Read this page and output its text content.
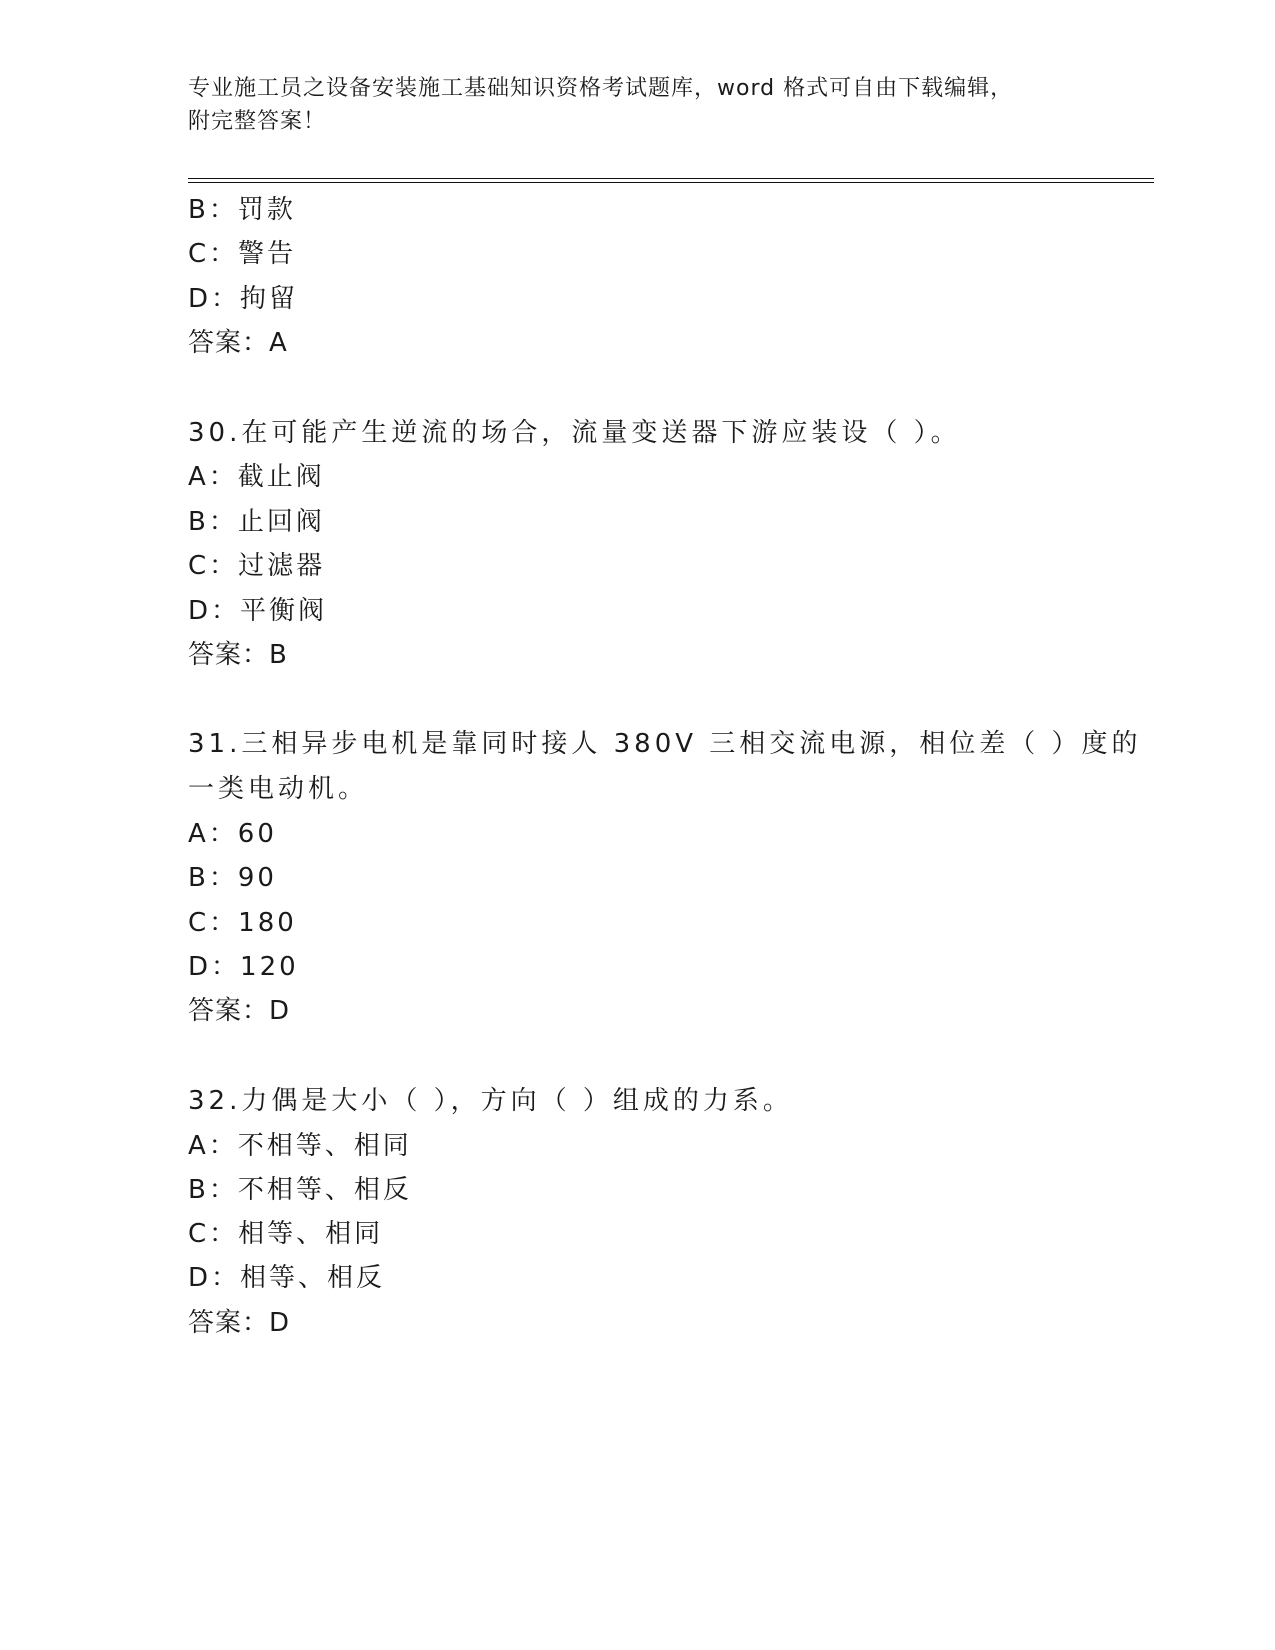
专业施工员之设备安装施工基础知识资格考试题库，word 格式可自由下载编辑，
附完整答案！
B：罚款
C：警告
D：拘留
答案：A
30.在可能产生逆流的场合，流量变送器下游应装设（ ）。
A：截止阀
B：止回阀
C：过滤器
D：平衡阀
答案：B
31.三相异步电机是靠同时接人 380V 三相交流电源，相位差（ ）度的
一类电动机。
A：60
B：90
C：180
D：120
答案：D
32.力偶是大小（ ），方向（ ）组成的力系。
A：不相等、相同
B：不相等、相反
C：相等、相同
D：相等、相反
答案：D
